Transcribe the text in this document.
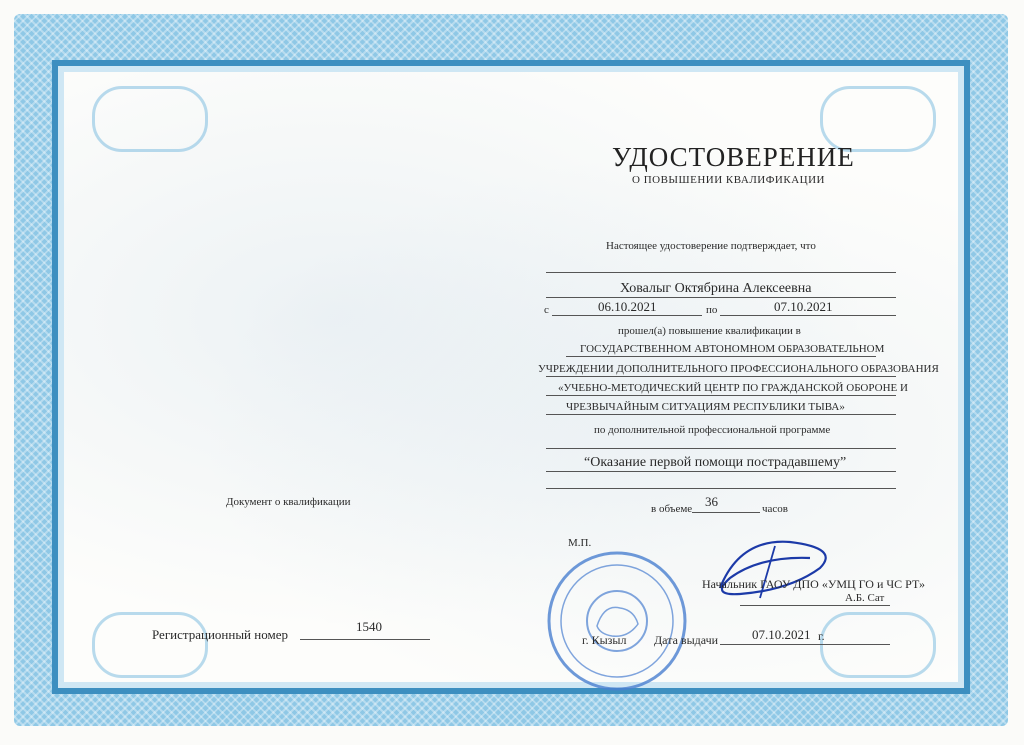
УДОСТОВЕРЕНИЕ
О ПОВЫШЕНИИ КВАЛИФИКАЦИИ
Настоящее удостоверение подтверждает, что
Ховалыг Октябрина Алексеевна
с	06.10.2021	по	07.10.2021
прошел(а) повышение квалификации в
ГОСУДАРСТВЕННОМ АВТОНОМНОМ ОБРАЗОВАТЕЛЬНОМ
УЧРЕЖДЕНИИ ДОПОЛНИТЕЛЬНОГО ПРОФЕССИОНАЛЬНОГО ОБРАЗОВАНИЯ
«УЧЕБНО-МЕТОДИЧЕСКИЙ ЦЕНТР ПО ГРАЖДАНСКОЙ ОБОРОНЕ И
ЧРЕЗВЫЧАЙНЫМ СИТУАЦИЯМ РЕСПУБЛИКИ ТЫВА»
по дополнительной профессиональной программе
“Оказание первой помощи пострадавшему”
в объеме 36	часов
Документ о квалификации
М.П.
Начальник ГАОУ ДПО «УМЦ ГО и ЧС РТ»
А.Б. Сат
Регистрационный номер
1540
г. Кызыл Дата выдачи	07.10.2021 г.
